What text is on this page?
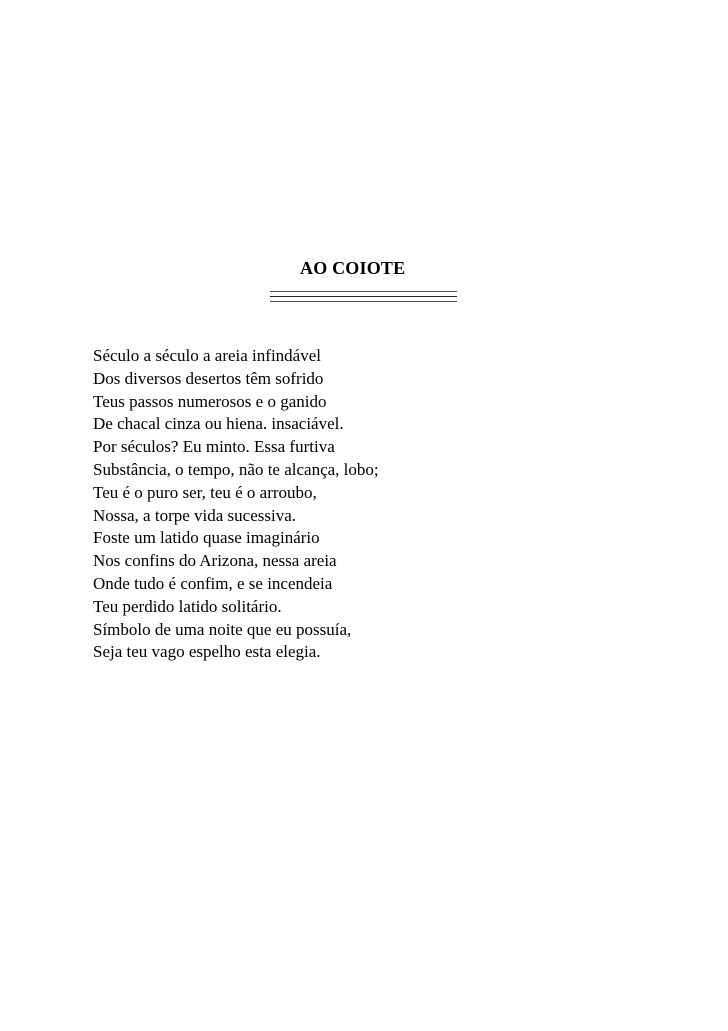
AO COIOTE
Século a século a areia infindável
Dos diversos desertos têm sofrido
Teus passos numerosos e o ganido
De chacal cinza ou hiena. insaciável.
Por séculos? Eu minto. Essa furtiva
Substância, o tempo, não te alcança, lobo;
Teu é o puro ser, teu é o arroubo,
Nossa, a torpe vida sucessiva.
Foste um latido quase imaginário
Nos confins do Arizona, nessa areia
Onde tudo é confim, e se incendeia
Teu perdido latido solitário.
Símbolo de uma noite que eu possuía,
Seja teu vago espelho esta elegia.
